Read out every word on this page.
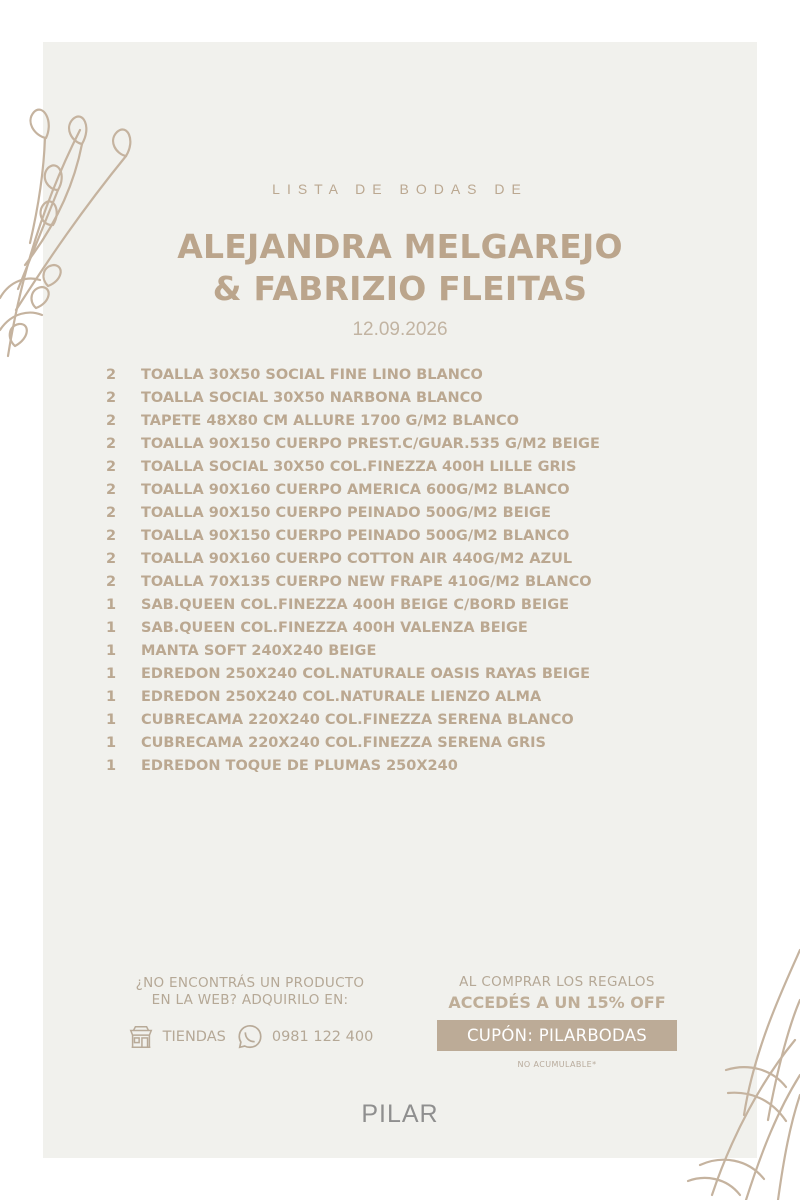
LISTA DE BODAS DE
ALEJANDRA MELGAREJO
& FABRIZIO FLEITAS
12.09.2026
2	TOALLA 30X50 SOCIAL FINE LINO BLANCO
2	TOALLA SOCIAL 30X50 NARBONA BLANCO
2	TAPETE 48X80 CM ALLURE 1700 G/M2 BLANCO
2	TOALLA 90X150 CUERPO PREST.C/GUAR.535 G/M2 BEIGE
2	TOALLA SOCIAL 30X50 COL.FINEZZA 400H LILLE GRIS
2	TOALLA 90X160 CUERPO AMERICA 600G/M2 BLANCO
2	TOALLA 90X150 CUERPO PEINADO 500G/M2 BEIGE
2	TOALLA 90X150 CUERPO PEINADO 500G/M2 BLANCO
2	TOALLA 90X160 CUERPO COTTON AIR 440G/M2 AZUL
2	TOALLA 70X135 CUERPO NEW FRAPE 410G/M2 BLANCO
1	SAB.QUEEN COL.FINEZZA 400H BEIGE C/BORD BEIGE
1	SAB.QUEEN COL.FINEZZA 400H VALENZA BEIGE
1	MANTA SOFT 240X240 BEIGE
1	EDREDON 250X240 COL.NATURALE OASIS RAYAS BEIGE
1	EDREDON 250X240 COL.NATURALE LIENZO ALMA
1	CUBRECAMA 220X240 COL.FINEZZA SERENA BLANCO
1	CUBRECAMA 220X240 COL.FINEZZA SERENA GRIS
1	EDREDON TOQUE DE PLUMAS 250X240
¿NO ENCONTRÁS UN PRODUCTO
EN LA WEB? ADQUIRILO EN:
TIENDAS	0981 122 400
AL COMPRAR LOS REGALOS
ACCEDÉS A UN 15% OFF
CUPÓN: PILARBODAS
NO ACUMULABLE*
PILAR
